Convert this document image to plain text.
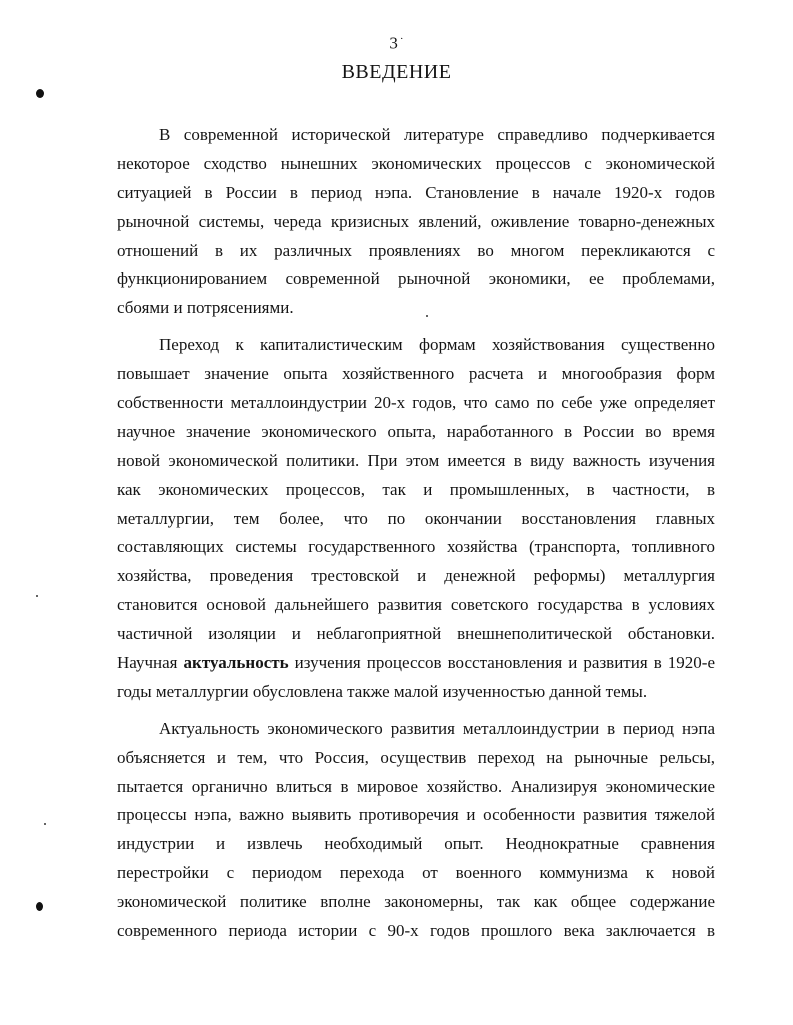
3 ·
ВВЕДЕНИЕ
В современной исторической литературе справедливо подчеркивается
некоторое сходство нынешних экономических процессов с экономической
ситуацией в России в период нэпа. Становление в начале 1920-х годов
рыночной системы, череда кризисных явлений, оживление товарно-денежных
отношений в их различных проявлениях во многом перекликаются с
функционированием современной рыночной экономики, ее проблемами,
сбоями и потрясениями.
Переход к капиталистическим формам хозяйствования существенно
повышает значение опыта хозяйственного расчета и многообразия форм
собственности металлоиндустрии 20-х годов, что само по себе уже определяет
научное значение экономического опыта, наработанного в России во время
новой экономической политики. При этом имеется в виду важность изучения
как экономических процессов, так и промышленных, в частности, в
металлургии, тем более, что по окончании восстановления главных
составляющих системы государственного хозяйства (транспорта, топливного
хозяйства, проведения трестовской и денежной реформы) металлургия
становится основой дальнейшего развития советского государства в условиях
частичной изоляции и неблагоприятной внешнеполитической обстановки.
Научная актуальность изучения процессов восстановления и развития в 1920-е
годы металлургии обусловлена также малой изученностью данной темы.
Актуальность экономического развития металлоиндустрии в период нэпа
объясняется и тем, что Россия, осуществив переход на рыночные рельсы,
пытается органично влиться в мировое хозяйство. Анализируя экономические
процессы нэпа, важно выявить противоречия и особенности развития тяжелой
индустрии и извлечь необходимый опыт. Неоднократные сравнения
перестройки с периодом перехода от военного коммунизма к новой
экономической политике вполне закономерны, так как общее содержание
современного периода истории с 90-х годов прошлого века заключается в
